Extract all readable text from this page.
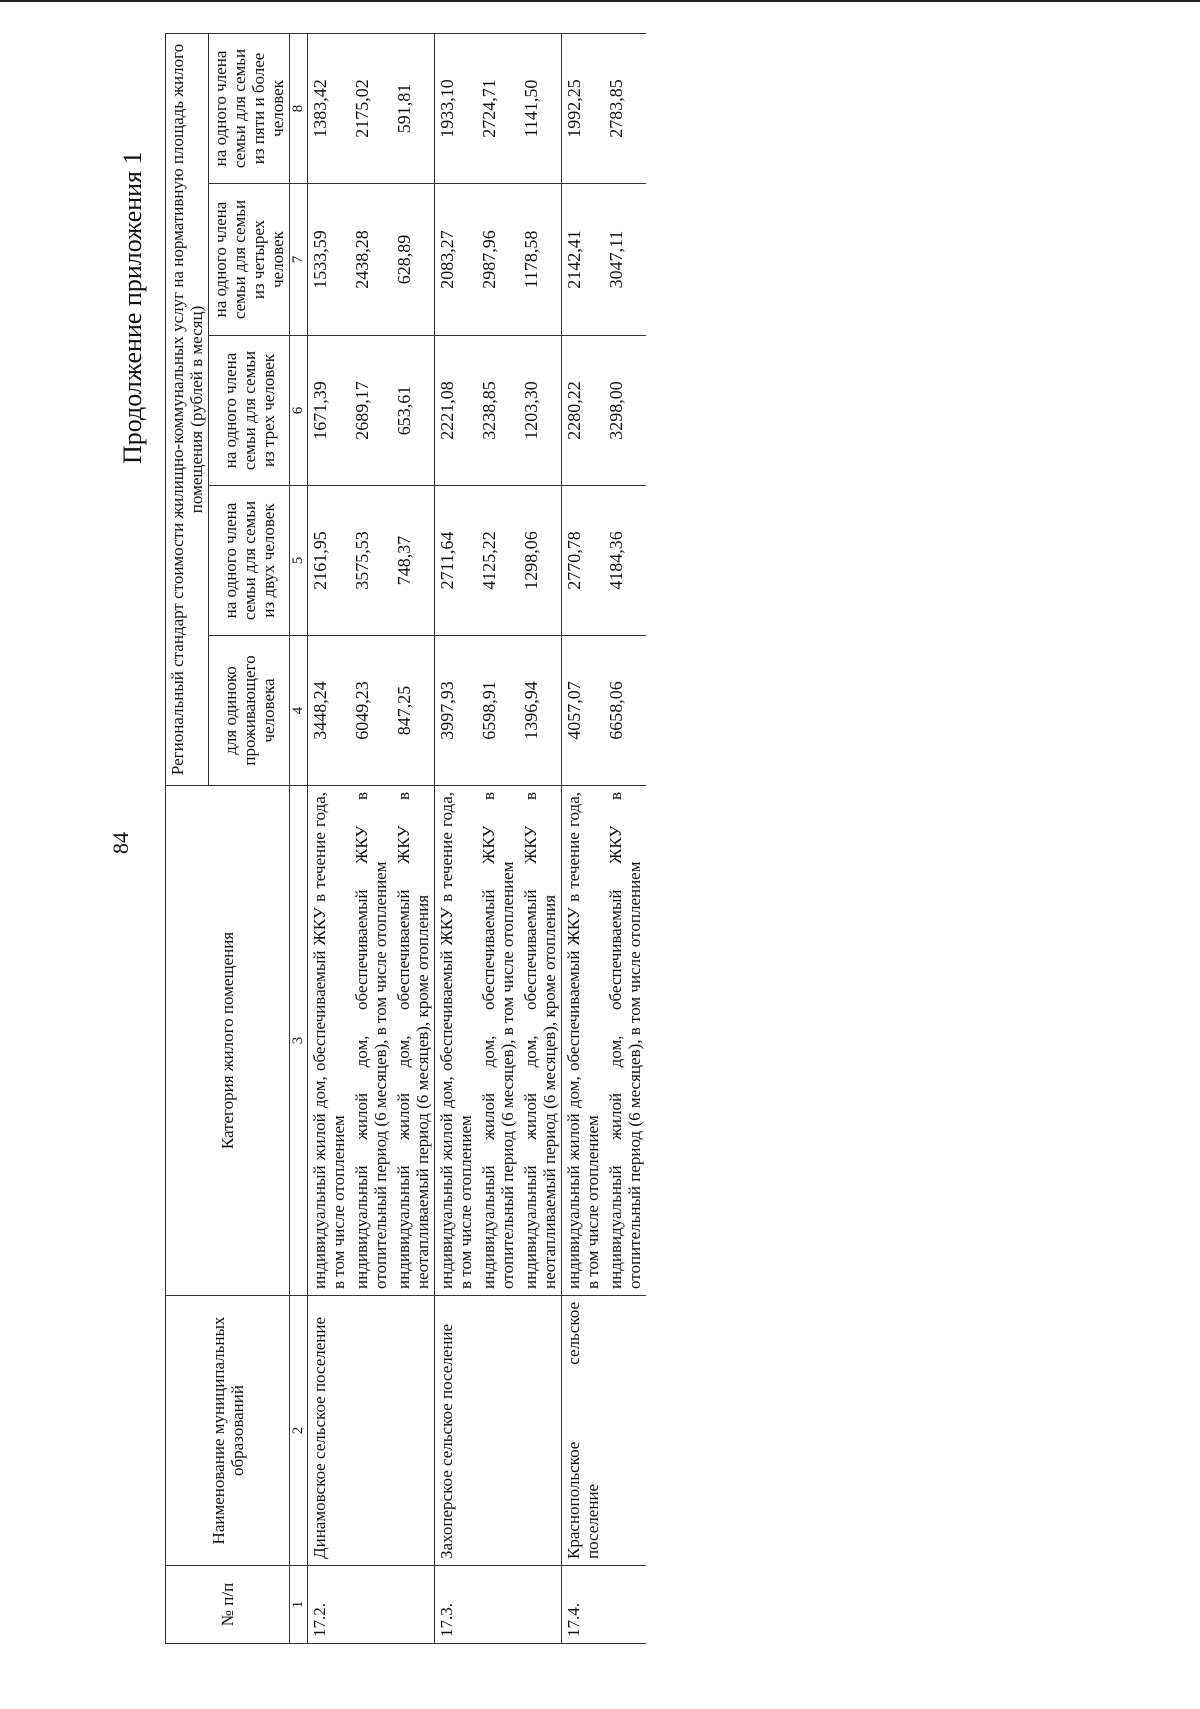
84
Продолжение приложения 1
№ п/п	Наименование муниципальных образований	Категория жилого помещения	Региональный стандарт стоимости жилищно-коммунальных услуг на нормативную площадь жилого помещения (рублей в месяц)				
			для одиноко проживающего человека	на одного члена семьи для семьи из двух человек	на одного члена семьи для семьи из трех человек	на одного члена семьи для семьи из четырех человек	на одного члена семьи для семьи из пяти и более человек
1	2	3	4	5	6	7	8
17.2.	Динамовское сельское поселение	индивидуальный жилой дом, обеспечиваемый ЖКУ в течение года, в том числе отоплением	3448,24	2161,95	1671,39	1533,59	1383,42
		индивидуальный жилой дом, обеспечиваемый ЖКУ в отопительный период (6 месяцев), в том числе отоплением	6049,23	3575,53	2689,17	2438,28	2175,02
		индивидуальный жилой дом, обеспечиваемый ЖКУ в неотапливаемый период (6 месяцев), кроме отопления	847,25	748,37	653,61	628,89	591,81
17.3.	Захоперское сельское поселение	индивидуальный жилой дом, обеспечиваемый ЖКУ в течение года, в том числе отоплением	3997,93	2711,64	2221,08	2083,27	1933,10
		индивидуальный жилой дом, обеспечиваемый ЖКУ в отопительный период (6 месяцев), в том числе отоплением	6598,91	4125,22	3238,85	2987,96	2724,71
		индивидуальный жилой дом, обеспечиваемый ЖКУ в неотапливаемый период (6 месяцев), кроме отопления	1396,94	1298,06	1203,30	1178,58	1141,50
17.4.	Краснопольское сельское поселение	индивидуальный жилой дом, обеспечиваемый ЖКУ в течение года, в том числе отоплением	4057,07	2770,78	2280,22	2142,41	1992,25
		индивидуальный жилой дом, обеспечиваемый ЖКУ в отопительный период (6 месяцев), в том числе отоплением	6658,06	4184,36	3298,00	3047,11	2783,85
